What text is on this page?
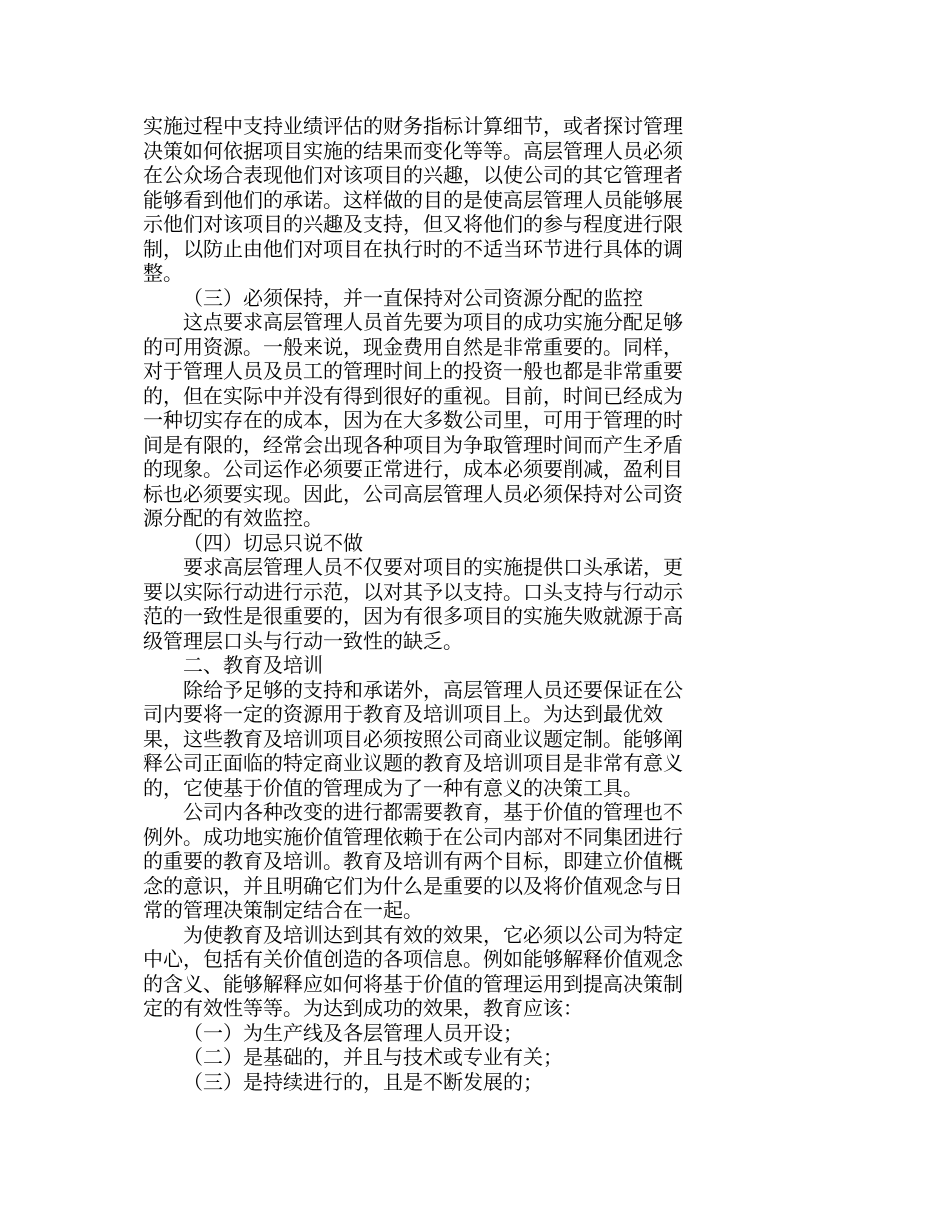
实施过程中支持业绩评估的财务指标计算细节，或者探讨管理
决策如何依据项目实施的结果而变化等等。高层管理人员必须
在公众场合表现他们对该项目的兴趣，以使公司的其它管理者
能够看到他们的承诺。这样做的目的是使高层管理人员能够展
示他们对该项目的兴趣及支持，但又将他们的参与程度进行限
制，以防止由他们对项目在执行时的不适当环节进行具体的调
整。
（三）必须保持，并一直保持对公司资源分配的监控
这点要求高层管理人员首先要为项目的成功实施分配足够
的可用资源。一般来说，现金费用自然是非常重要的。同样，
对于管理人员及员工的管理时间上的投资一般也都是非常重要
的，但在实际中并没有得到很好的重视。目前，时间已经成为
一种切实存在的成本，因为在大多数公司里，可用于管理的时
间是有限的，经常会出现各种项目为争取管理时间而产生矛盾
的现象。公司运作必须要正常进行，成本必须要削减，盈利目
标也必须要实现。因此，公司高层管理人员必须保持对公司资
源分配的有效监控。
（四）切忌只说不做
要求高层管理人员不仅要对项目的实施提供口头承诺，更
要以实际行动进行示范，以对其予以支持。口头支持与行动示
范的一致性是很重要的，因为有很多项目的实施失败就源于高
级管理层口头与行动一致性的缺乏。
二、教育及培训
除给予足够的支持和承诺外，高层管理人员还要保证在公
司内要将一定的资源用于教育及培训项目上。为达到最优效
果，这些教育及培训项目必须按照公司商业议题定制。能够阐
释公司正面临的特定商业议题的教育及培训项目是非常有意义
的，它使基于价值的管理成为了一种有意义的决策工具。
公司内各种改变的进行都需要教育，基于价值的管理也不
例外。成功地实施价值管理依赖于在公司内部对不同集团进行
的重要的教育及培训。教育及培训有两个目标，即建立价值概
念的意识，并且明确它们为什么是重要的以及将价值观念与日
常的管理决策制定结合在一起。
为使教育及培训达到其有效的效果，它必须以公司为特定
中心，包括有关价值创造的各项信息。例如能够解释价值观念
的含义、能够解释应如何将基于价值的管理运用到提高决策制
定的有效性等等。为达到成功的效果，教育应该：
（一）为生产线及各层管理人员开设；
（二）是基础的，并且与技术或专业有关；
（三）是持续进行的，且是不断发展的；
